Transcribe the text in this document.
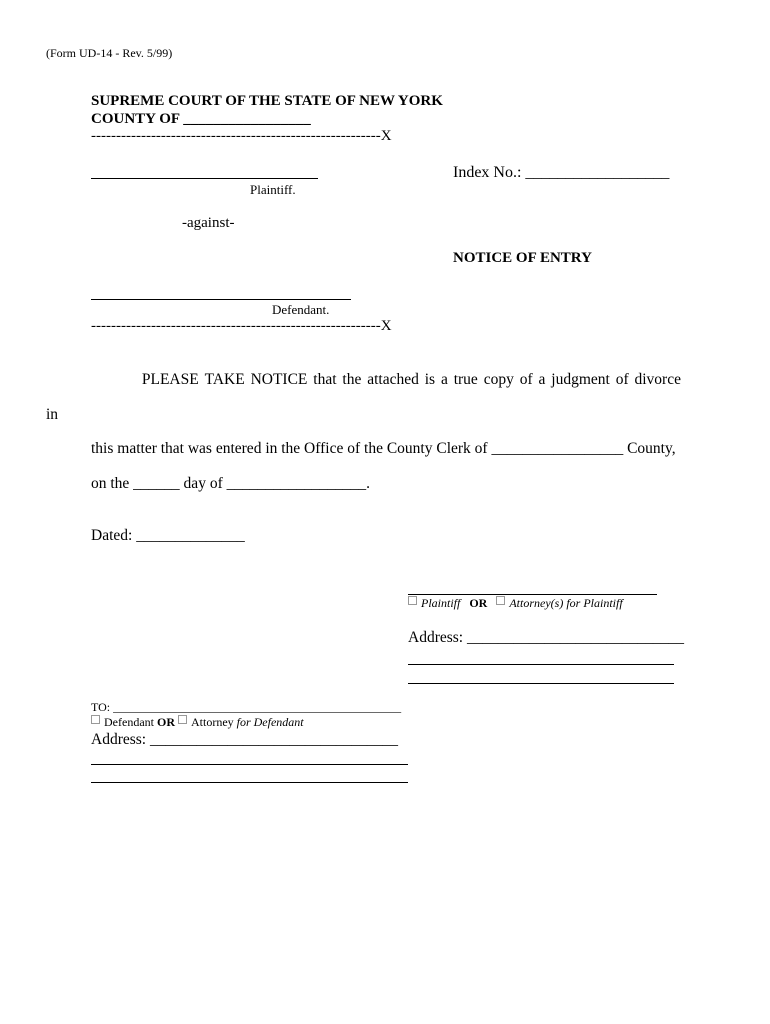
(Form UD-14 - Rev. 5/99)
SUPREME COURT OF THE STATE OF NEW YORK
COUNTY OF _________________
----------------------------------------------------------X
Plaintiff.
Index No.: __________________
-against-
NOTICE OF ENTRY
Defendant.
----------------------------------------------------------X
PLEASE TAKE NOTICE that the attached is a true copy of a judgment of divorce
in
this matter that was entered in the Office of the County Clerk of _________________ County,
on the ______ day of __________________.
Dated: ______________
Plaintiff OR Attorney(s) for Plaintiff
Address: ____________________________
TO: ________________________________________________
Defendant OR Attorney for Defendant
Address: ________________________________
